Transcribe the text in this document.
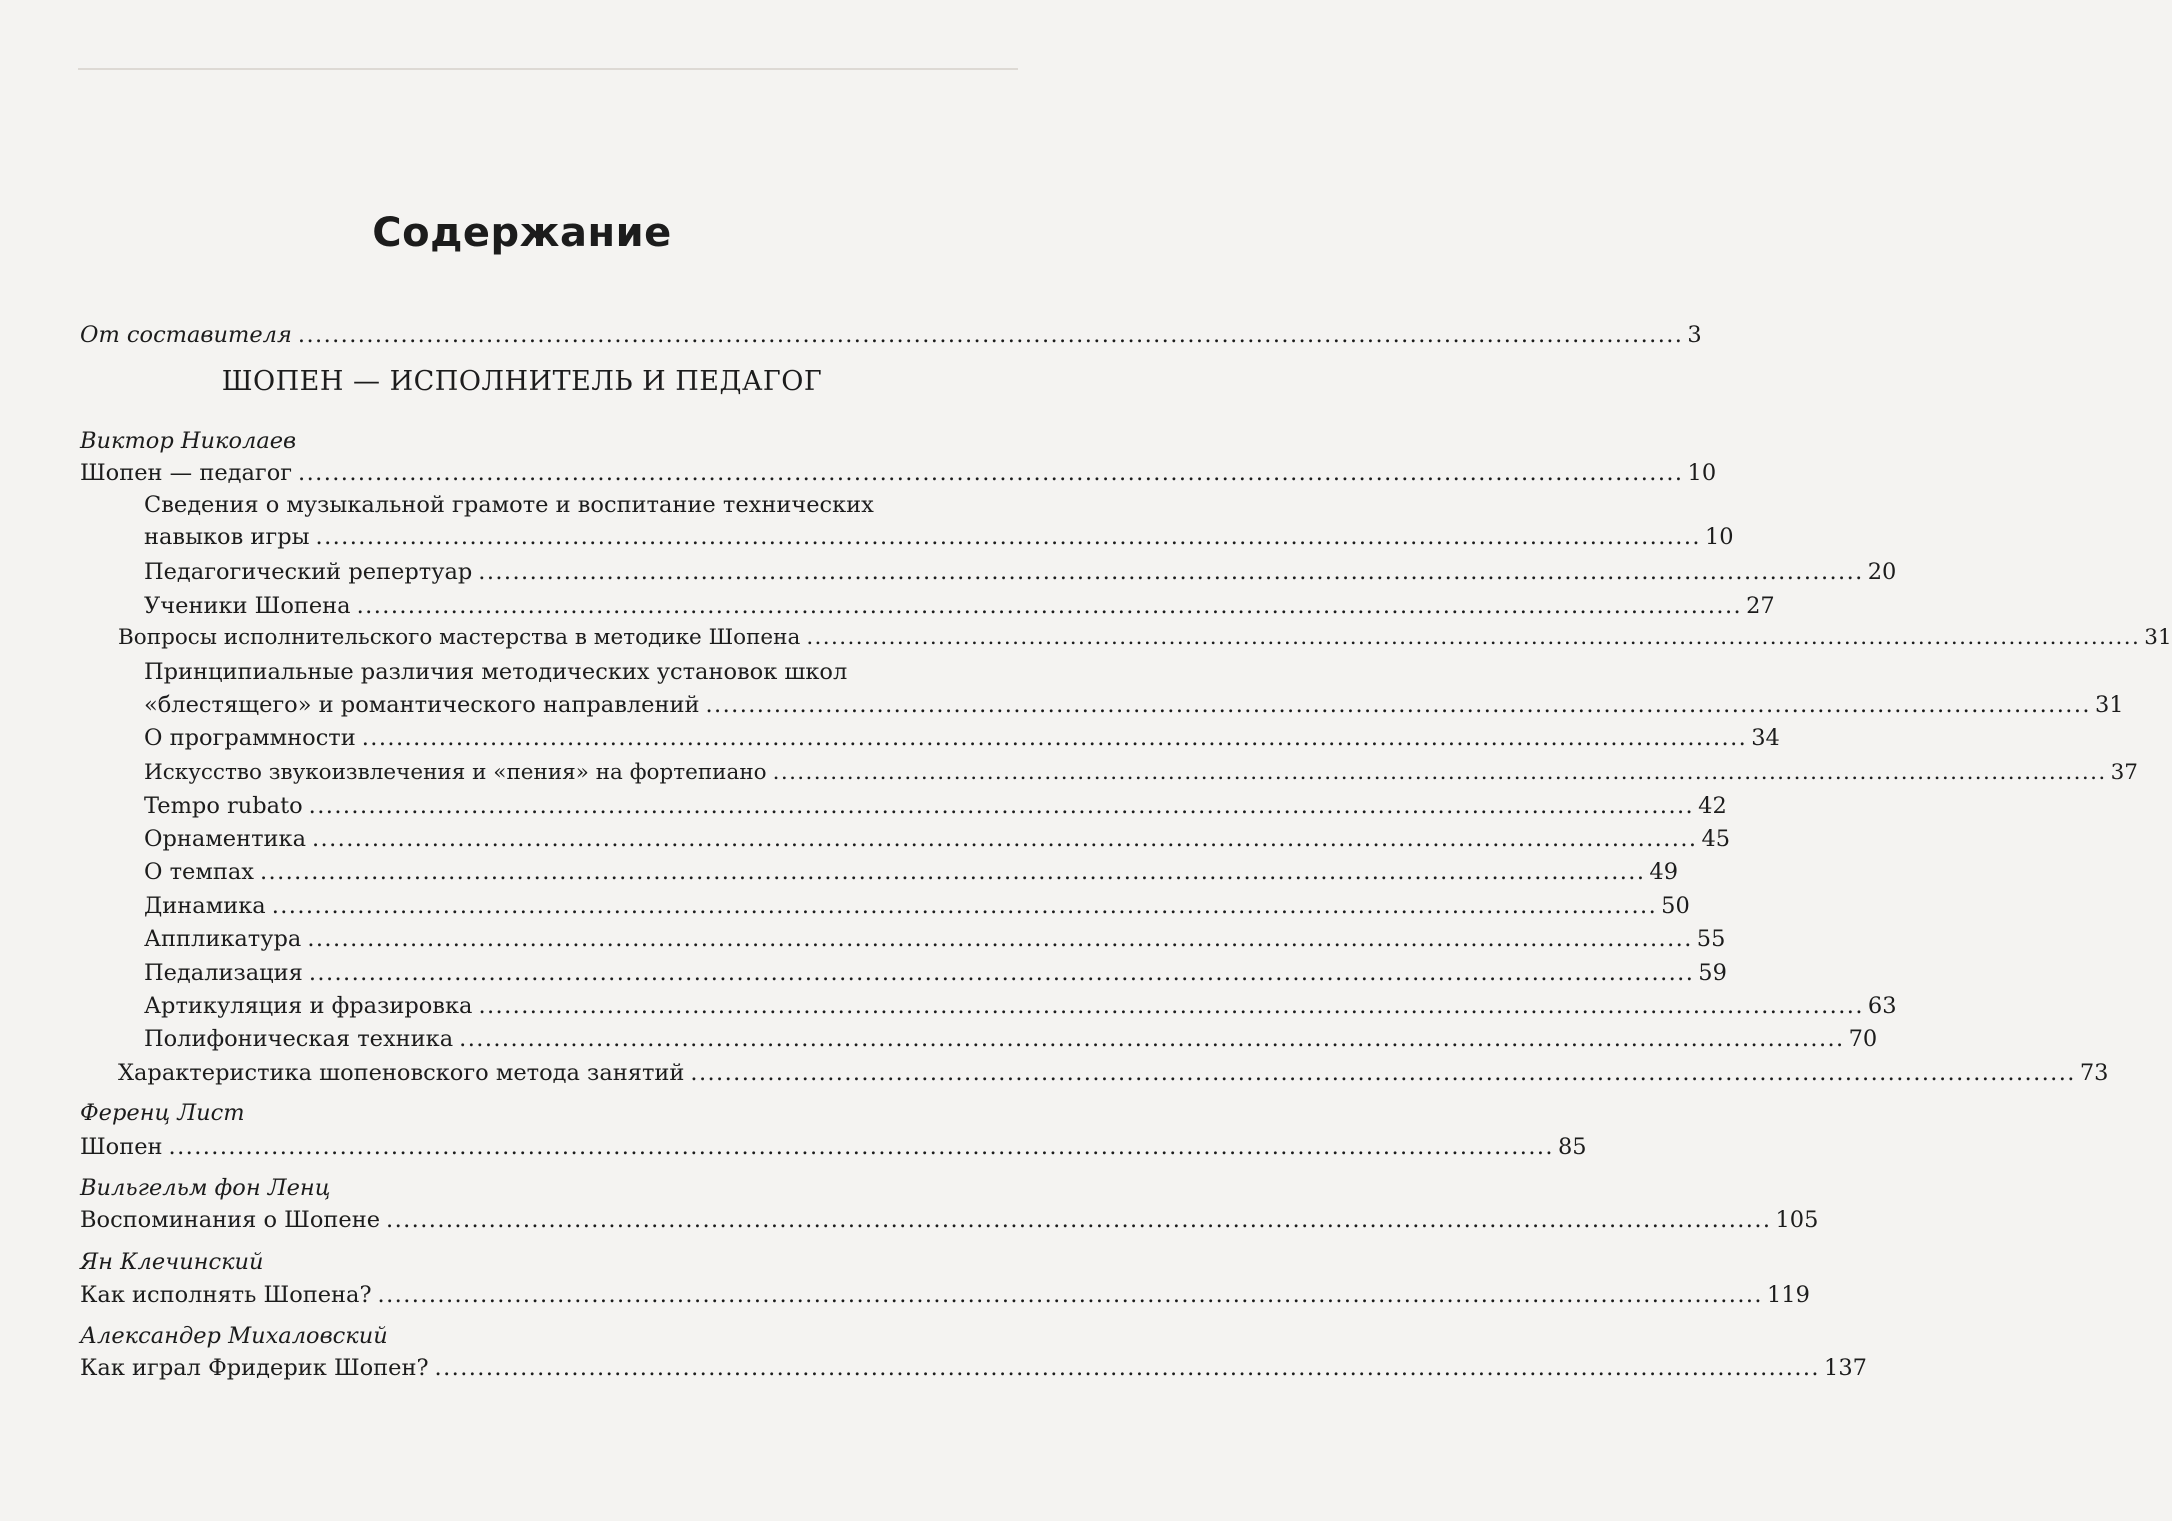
Содержание
От составителя .................................................................................................................................................................. 3
ШОПЕН — ИСПОЛНИТЕЛЬ И ПЕДАГОГ
Виктор Николаев
Шопен — педагог .................................................................................................................................................................. 10
Сведения о музыкальной грамоте и воспитание технических
навыков игры .................................................................................................................................................................. 10
Педагогический репертуар .................................................................................................................................................................. 20
Ученики Шопена .................................................................................................................................................................. 27
Вопросы исполнительского мастерства в методике Шопена .................................................................................................................................................................. 31
Принципиальные различия методических установок школ
«блестящего» и романтического направлений .................................................................................................................................................................. 31
О программности .................................................................................................................................................................. 34
Искусство звукоизвлечения и «пения» на фортепиано .................................................................................................................................................................. 37
Tempo rubato .................................................................................................................................................................. 42
Орнаментика .................................................................................................................................................................. 45
О темпах .................................................................................................................................................................. 49
Динамика .................................................................................................................................................................. 50
Аппликатура .................................................................................................................................................................. 55
Педализация .................................................................................................................................................................. 59
Артикуляция и фразировка .................................................................................................................................................................. 63
Полифоническая техника .................................................................................................................................................................. 70
Характеристика шопеновского метода занятий .................................................................................................................................................................. 73
Ференц Лист
Шопен .................................................................................................................................................................. 85
Вильгельм фон Ленц
Воспоминания о Шопене .................................................................................................................................................................. 105
Ян Клечинский
Как исполнять Шопена? .................................................................................................................................................................. 119
Александер Михаловский
Как играл Фридерик Шопен? .................................................................................................................................................................. 137
